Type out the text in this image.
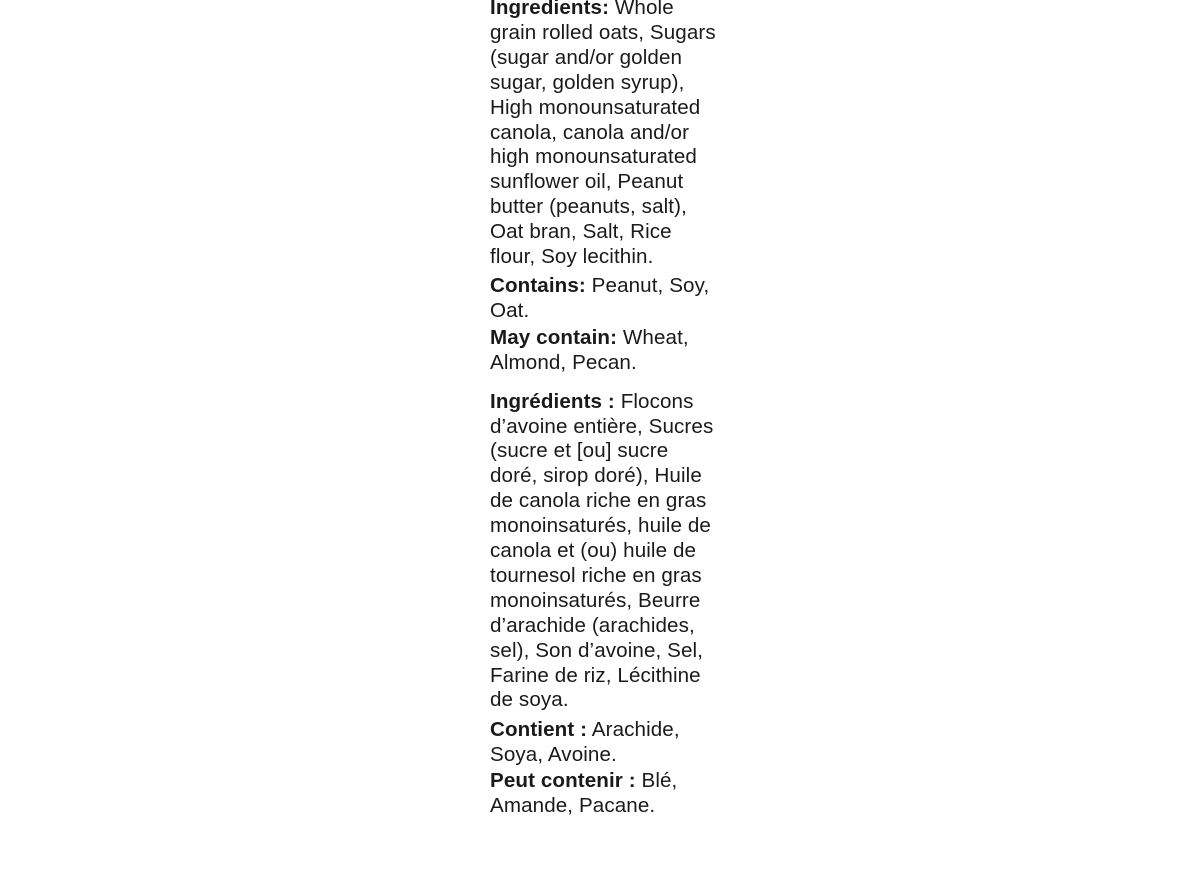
Ingredients: Whole grain rolled oats, Sugars (sugar and/or golden sugar, golden syrup), High monounsaturated canola, canola and/or high monounsaturated sunflower oil, Peanut butter (peanuts, salt), Oat bran, Salt, Rice flour, Soy lecithin.

Contains: Peanut, Soy, Oat.

May contain: Wheat, Almond, Pecan.

Ingrédients : Flocons d’avoine entière, Sucres (sucre et [ou] sucre doré, sirop doré), Huile de canola riche en gras monoinsaturés, huile de canola et (ou) huile de tournesol riche en gras monoinsaturés, Beurre d’arachide (arachides, sel), Son d’avoine, Sel, Farine de riz, Lécithine de soya.

Contient : Arachide, Soya, Avoine.

Peut contenir : Blé, Amande, Pacane.
